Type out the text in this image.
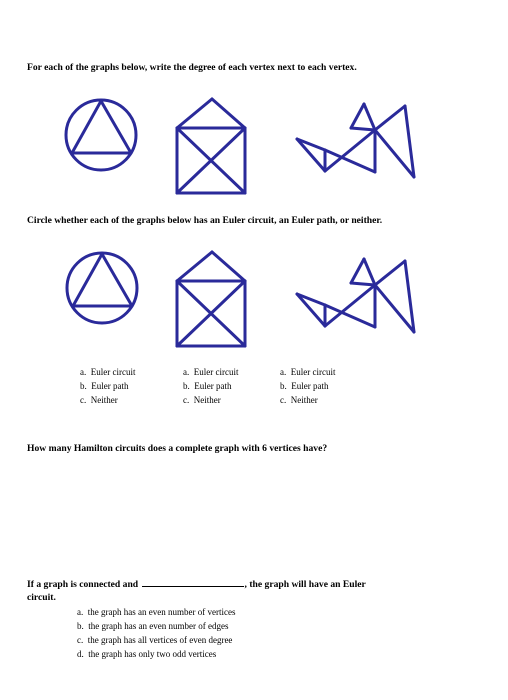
For each of the graphs below, write the degree of each vertex next to each vertex.
Circle whether each of the graphs below has an Euler circuit, an Euler path, or neither.
a. Euler circuit
b. Euler path
c. Neither
a. Euler circuit
b. Euler path
c. Neither
a. Euler circuit
b. Euler path
c. Neither
How many Hamilton circuits does a complete graph with 6 vertices have?
If a graph is connected and	, the graph will have an Euler
circuit.
a. the graph has an even number of vertices
b. the graph has an even number of edges
c. the graph has all vertices of even degree
d. the graph has only two odd vertices
